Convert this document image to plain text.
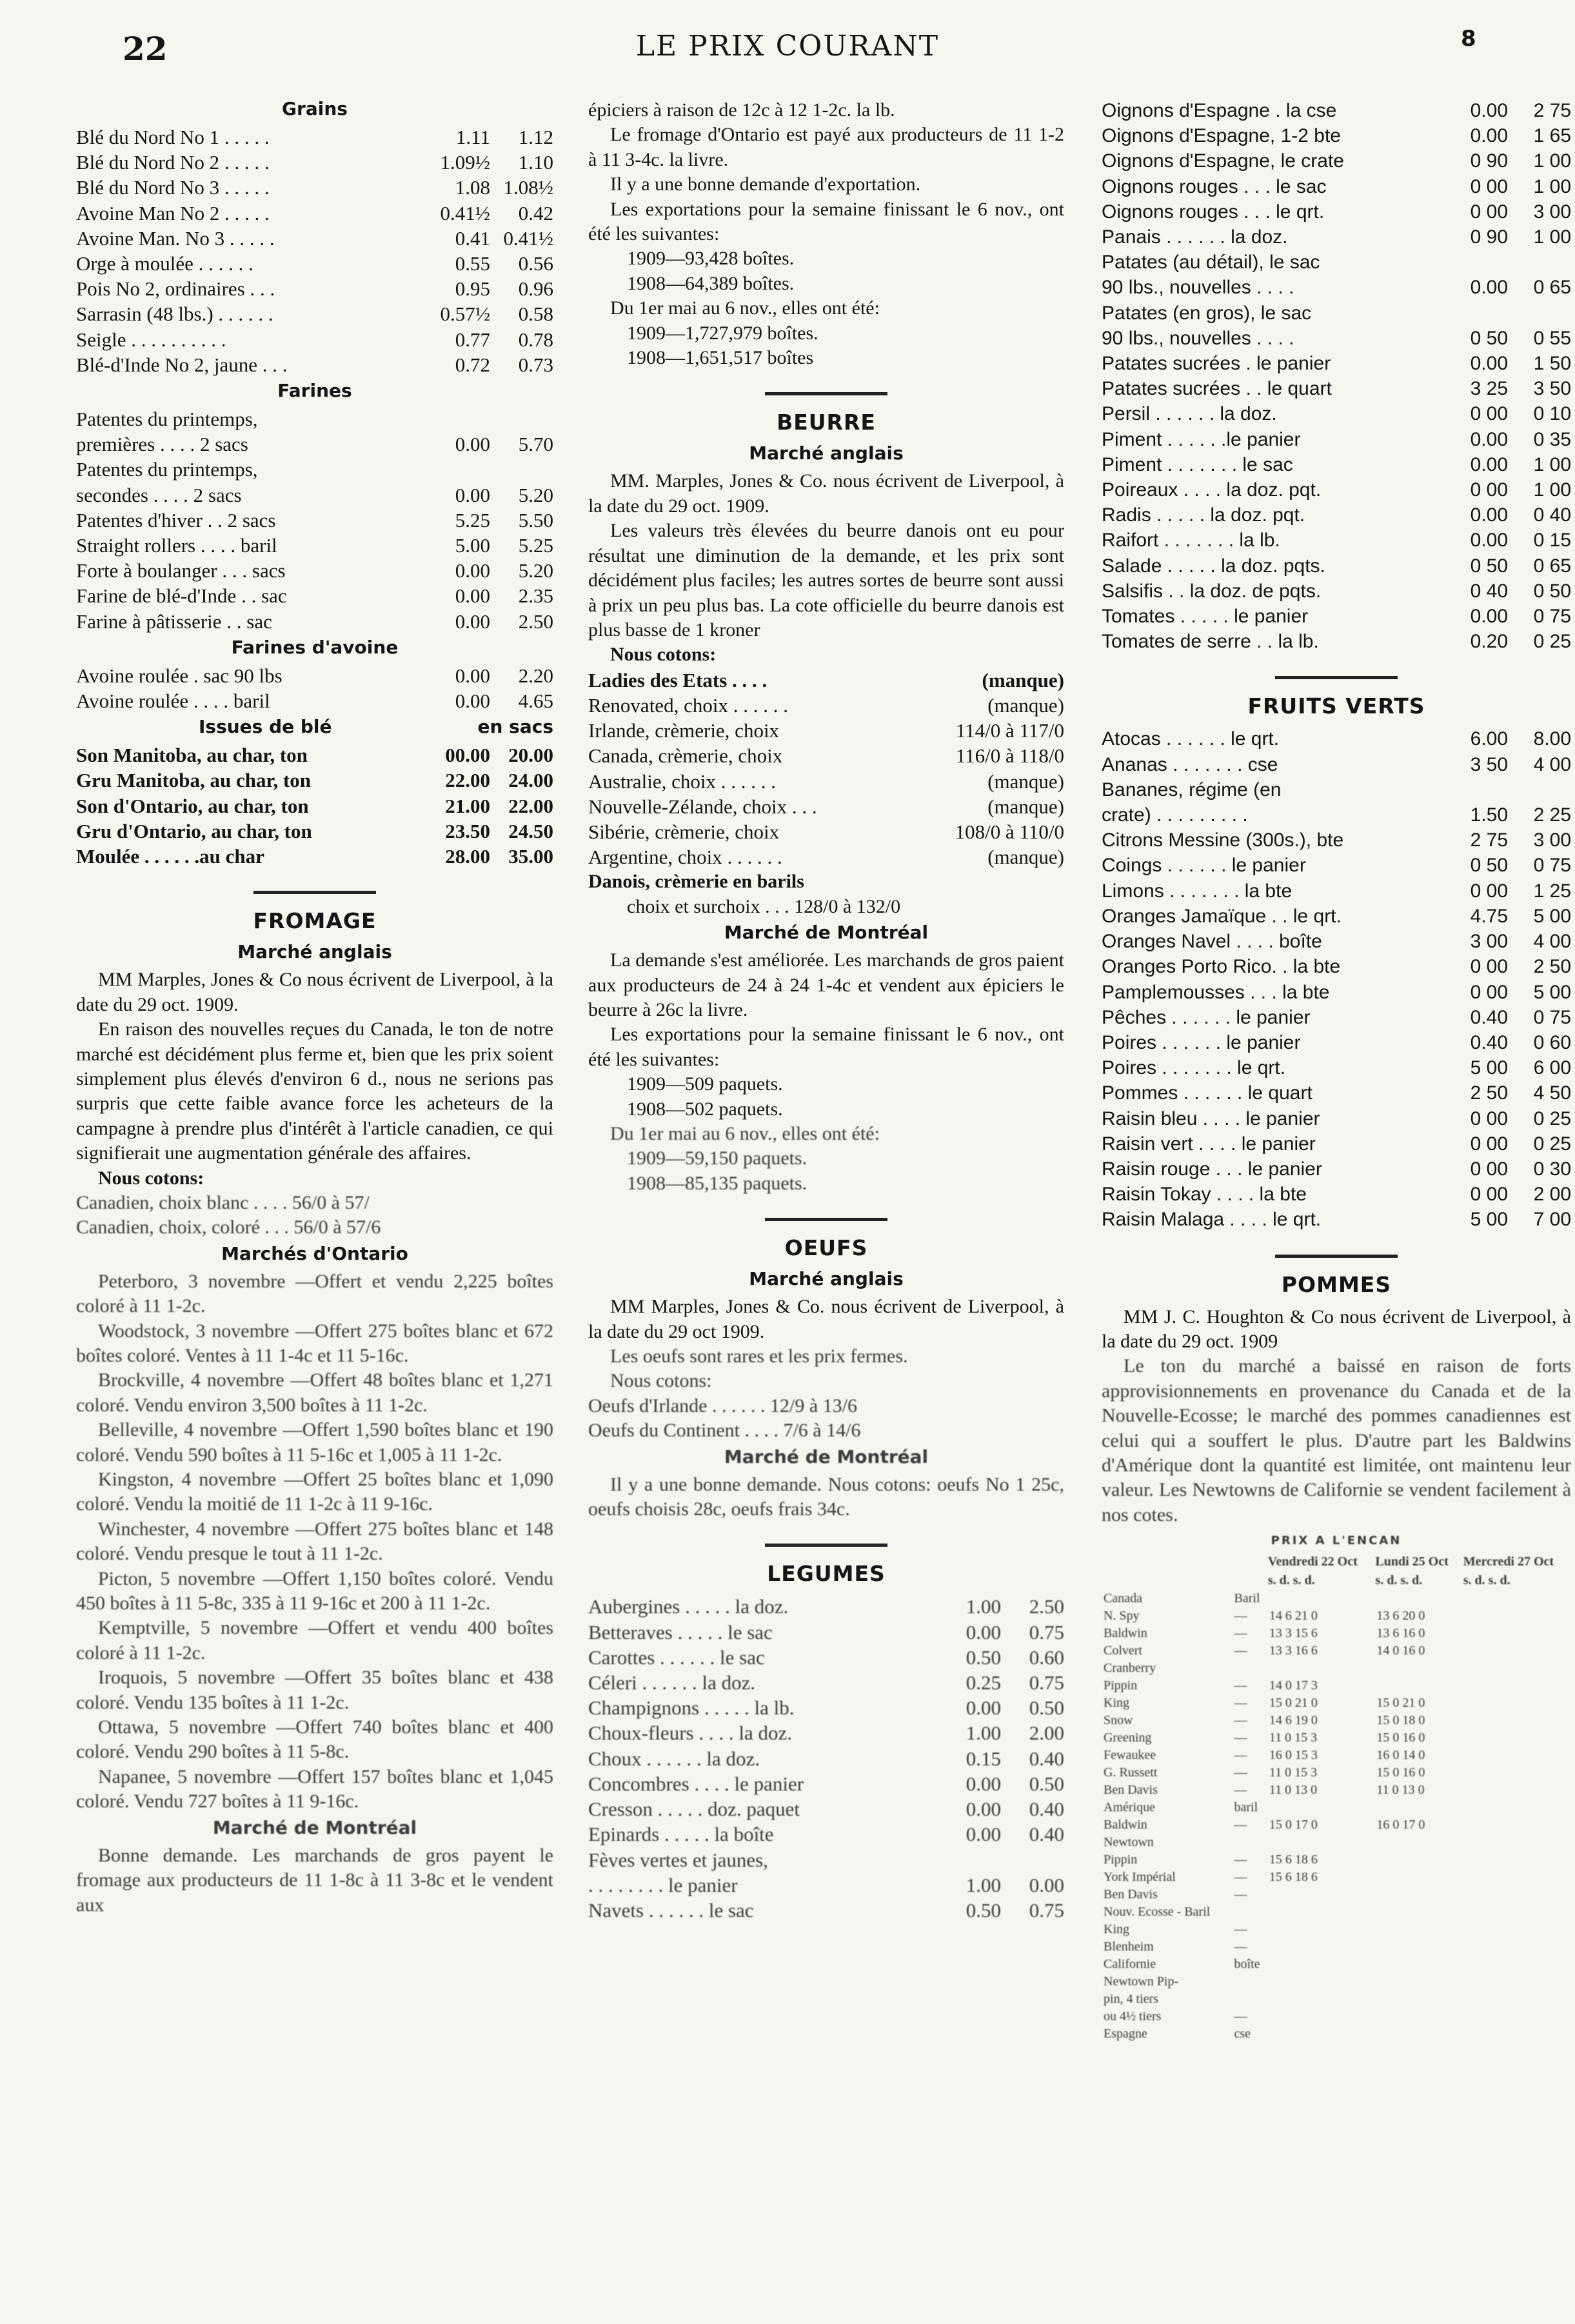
22	LE PRIX COURANT	8
Grains
Blé du Nord No 1 . . . . .	1.11	1.12
Blé du Nord No 2 . . . . .	1.09½	1.10
Blé du Nord No 3 . . . . .	1.08 1.08½
Avoine Man No 2 . . . . .	0.41½	0.42
Avoine Man. No 3 . . . . .	0.41 0.41½
Orge à moulée . . . . . .	0.55	0.56
Pois No 2, ordinaires . . .	0.95	0.96
Sarrasin (48 lbs.) . . . . . .	0.57½	0.58
Seigle . . . . . . . . . .	0.77	0.78
Blé-d'Inde No 2, jaune . . .	0.72	0.73
Farines
Patentes du printemps,
premières . . . . 2 sacs	0.00	5.70
Patentes du printemps,
secondes . . . . 2 sacs	0.00	5.20
Patentes d'hiver . . 2 sacs	5.25	5.50
Straight rollers . . . . baril	5.00	5.25
Forte à boulanger . . . sacs	0.00	5.20
Farine de blé-d'Inde . . sac	0.00	2.35
Farine à pâtisserie . . sac	0.00	2.50
Farines d'avoine
Avoine roulée . sac 90 lbs	0.00	2.20
Avoine roulée . . . . baril	0.00	4.65
Issues de blé	en sacs
Son Manitoba, au char, ton	00.00 20.00
Gru Manitoba, au char, ton	22.00 24.00
Son d'Ontario, au char, ton	21.00 22.00
Gru d'Ontario, au char, ton	23.50 24.50
Moulée . . . . . .au char	28.00 35.00
FROMAGE
Marché anglais

MM Marples, Jones & Co nous écrivent de Liverpool, à la date du 29 oct. 1909.

En raison des nouvelles reçues du Canada, le ton de notre marché est décidément plus ferme et, bien que les prix soient simplement plus élevés d'environ 6 d., nous ne serions pas surpris que cette faible avance force les acheteurs de la campagne à prendre plus d'intérêt à l'article canadien, ce qui signifierait une augmentation générale des affaires.

Nous cotons:
Canadien, choix blanc . . . . 56/0 à 57/
Canadien, choix, coloré . . . 56/0 à 57/6
Marchés d'Ontario

Peterboro, 3 novembre —Offert et vendu 2,225 boîtes coloré à 11 1-2c.

Woodstock, 3 novembre —Offert 275 boîtes blanc et 672 boîtes coloré. Ventes à 11 1-4c et 11 5-16c.

Brockville, 4 novembre —Offert 48 boîtes blanc et 1,271 coloré. Vendu environ 3,500 boîtes à 11 1-2c.

Belleville, 4 novembre —Offert 1,590 boîtes blanc et 190 coloré. Vendu 590 boîtes à 11 5-16c et 1,005 à 11 1-2c.

Kingston, 4 novembre —Offert 25 boîtes blanc et 1,090 coloré. Vendu la moitié de 11 1-2c à 11 9-16c.

Winchester, 4 novembre —Offert 275 boîtes blanc et 148 coloré. Vendu presque le tout à 11 1-2c.

Picton, 5 novembre —Offert 1,150 boîtes coloré. Vendu 450 boîtes à 11 5-8c, 335 à 11 9-16c et 200 à 11 1-2c.

Kemptville, 5 novembre —Offert et vendu 400 boîtes coloré à 11 1-2c.

Iroquois, 5 novembre —Offert 35 boîtes blanc et 438 coloré. Vendu 135 boîtes à 11 1-2c.

Ottawa, 5 novembre —Offert 740 boîtes blanc et 400 coloré. Vendu 290 boîtes à 11 5-8c.

Napanee, 5 novembre —Offert 157 boîtes blanc et 1,045 coloré. Vendu 727 boîtes à 11 9-16c.

Marché de Montréal

Bonne demande. Les marchands de gros payent le fromage aux producteurs de 11 1-8c à 11 3-8c et le vendent aux

épiciers à raison de 12c à 12 1-2c. la lb.

Le fromage d'Ontario est payé aux producteurs de 11 1-2 à 11 3-4c. la livre.

Il y a une bonne demande d'exportation.

Les exportations pour la semaine finissant le 6 nov., ont été les suivantes:

1909—93,428 boîtes.
1908—64,389 boîtes.

Du 1er mai au 6 nov., elles ont été:

1909—1,727,979 boîtes.
1908—1,651,517 boîtes
BEURRE
Marché anglais

MM. Marples, Jones & Co. nous écrivent de Liverpool, à la date du 29 oct. 1909.

Les valeurs très élevées du beurre danois ont eu pour résultat une diminution de la demande, et les prix sont décidément plus faciles; les autres sortes de beurre sont aussi à prix un peu plus bas. La cote officielle du beurre danois est plus basse de 1 kroner

Nous cotons:
Ladies des Etats . . . .	(manque)
Renovated, choix . . . . . .	(manque)
Irlande, crèmerie, choix	114/0 à 117/0
Canada, crèmerie, choix	116/0 à 118/0
Australie, choix . . . . . .	(manque)
Nouvelle-Zélande, choix . . .	(manque)
Sibérie, crèmerie, choix	108/0 à 110/0
Argentine, choix . . . . . .	(manque)
Danois, crèmerie en barils
choix et surchoix . . . 128/0 à 132/0
Marché de Montréal

La demande s'est améliorée. Les marchands de gros paient aux producteurs de 24 à 24 1-4c et vendent aux épiciers le beurre à 26c la livre.

Les exportations pour la semaine finissant le 6 nov., ont été les suivantes:

1909—509 paquets.
1908—502 paquets.

Du 1er mai au 6 nov., elles ont été:

1909—59,150 paquets.
1908—85,135 paquets.
OEUFS
Marché anglais

MM Marples, Jones & Co. nous écrivent de Liverpool, à la date du 29 oct 1909.

Les oeufs sont rares et les prix fermes.

Nous cotons:
Oeufs d'Irlande . . . . . . 12/9 à 13/6
Oeufs du Continent . . . . 7/6 à 14/6
Marché de Montréal

Il y a une bonne demande. Nous cotons: oeufs No 1 25c, oeufs choisis 28c, oeufs frais 34c.

LEGUMES
Aubergines . . . . . la doz.	1.00	2.50
Betteraves . . . . . le sac	0.00	0.75
Carottes . . . . . . le sac	0.50	0.60
Céleri . . . . . . la doz.	0.25	0.75
Champignons . . . . . la lb.	0.00	0.50
Choux-fleurs . . . . la doz.	1.00	2.00
Choux . . . . . . la doz.	0.15	0.40
Concombres . . . . le panier	0.00	0.50
Cresson . . . . . doz. paquet	0.00	0.40
Epinards . . . . . la boîte	0.00	0.40
Fèves vertes et jaunes,
. . . . . . . . le panier	1.00	0.00
Navets . . . . . . le sac	0.50	0.75
Oignons d'Espagne . la cse	0.00	2 75
Oignons d'Espagne, 1-2 bte	0.00	1 65
Oignons d'Espagne, le crate	0 90	1 00
Oignons rouges . . . le sac	0 00	1 00
Oignons rouges . . . le qrt.	0 00	3 00
Panais . . . . . . la doz.	0 90	1 00
Patates (au détail), le sac
90 lbs., nouvelles . . . .	0.00	0 65
Patates (en gros), le sac
90 lbs., nouvelles . . . .	0 50	0 55
Patates sucrées . le panier	0.00	1 50
Patates sucrées . . le quart	3 25	3 50
Persil . . . . . . la doz.	0 00	0 10
Piment . . . . . .le panier	0.00	0 35
Piment . . . . . . . le sac	0.00	1 00
Poireaux . . . . la doz. pqt.	0 00	1 00
Radis . . . . . la doz. pqt.	0.00	0 40
Raifort . . . . . . . la lb.	0.00	0 15
Salade . . . . . la doz. pqts.	0 50	0 65
Salsifis . . la doz. de pqts.	0 40	0 50
Tomates . . . . . le panier	0.00	0 75
Tomates de serre . . la lb.	0.20	0 25
FRUITS VERTS
Atocas . . . . . . le qrt.	6.00	8.00
Ananas . . . . . . . cse	3 50	4 00
Bananes, régime (en
crate) . . . . . . . . .	1.50	2 25
Citrons Messine (300s.), bte	2 75	3 00
Coings . . . . . . le panier	0 50	0 75
Limons . . . . . . . la bte	0 00	1 25
Oranges Jamaïque . . le qrt.	4.75	5 00
Oranges Navel . . . . boîte	3 00	4 00
Oranges Porto Rico. . la bte	0 00	2 50
Pamplemousses . . . la bte	0 00	5 00
Pêches . . . . . . le panier	0.40	0 75
Poires . . . . . . le panier	0.40	0 60
Poires . . . . . . . le qrt.	5 00	6 00
Pommes . . . . . . le quart	2 50	4 50
Raisin bleu . . . . le panier	0 00	0 25
Raisin vert . . . . le panier	0 00	0 25
Raisin rouge . . . le panier	0 00	0 30
Raisin Tokay . . . . la bte	0 00	2 00
Raisin Malaga . . . . le qrt.	5 00	7 00
POMMES

MM J. C. Houghton & Co nous écrivent de Liverpool, à la date du 29 oct. 1909

Le ton du marché a baissé en raison de forts approvisionnements en provenance du Canada et de la Nouvelle-Ecosse; le marché des pommes canadiennes est celui qui a souffert le plus. D'autre part les Baldwins d'Amérique dont la quantité est limitée, ont maintenu leur valeur. Les Newtowns de Californie se vendent facilement à nos cotes.

PRIX A L'ENCAN
		Vendredi 22 Oct	Lundi 25 Oct	Mercredi 27 Oct
		s. d. s. d.	s. d. s. d.	s. d. s. d.
Canada	Baril			
N. Spy	—	14 6 21 0	13 6 20 0	
Baldwin	—	13 3 15 6	13 6 16 0	
Colvert	—	13 3 16 6	14 0 16 0	
Cranberry				
Pippin	—	14 0 17 3		
King	—	15 0 21 0	15 0 21 0	
Snow	—	14 6 19 0	15 0 18 0	
Greening	—	11 0 15 3	15 0 16 0	
Fewaukee	—	16 0 15 3	16 0 14 0	
G. Russett	—	11 0 15 3	15 0 16 0	
Ben Davis	—	11 0 13 0	11 0 13 0	
Amérique	baril			
Baldwin	—	15 0 17 0	16 0 17 0	
Newtown				
Pippin	—	15 6 18 6		
York Impérial	—	15 6 18 6		
Ben Davis	—			
Nouv. Ecosse - Baril				
King	—			
Blenheim	—			
Californie	boîte			
Newtown Pip-				
pin, 4 tiers				
ou 4½ tiers	—			
Espagne	cse			
